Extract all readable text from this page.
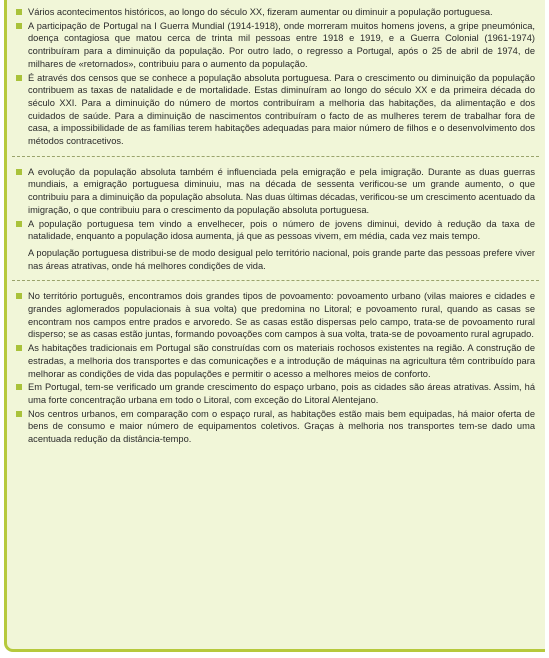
Vários acontecimentos históricos, ao longo do século XX, fizeram aumentar ou diminuir a população portuguesa.
A participação de Portugal na I Guerra Mundial (1914-1918), onde morreram muitos homens jovens, a gripe pneumónica, doença contagiosa que matou cerca de trinta mil pessoas entre 1918 e 1919, e a Guerra Colonial (1961-1974) contribuíram para a diminuição da população. Por outro lado, o regresso a Portugal, após o 25 de abril de 1974, de milhares de «retornados», contribuiu para o aumento da população.
É através dos censos que se conhece a população absoluta portuguesa. Para o crescimento ou diminuição da população contribuem as taxas de natalidade e de mortalidade. Estas diminuíram ao longo do século XX e da primeira década do século XXI. Para a diminuição do número de mortos contribuíram a melhoria das habitações, da alimentação e dos cuidados de saúde. Para a diminuição de nascimentos contribuíram o facto de as mulheres terem de trabalhar fora de casa, a impossibilidade de as famílias terem habitações adequadas para maior número de filhos e o desenvolvimento dos métodos contracetivos.
A evolução da população absoluta também é influenciada pela emigração e pela imigração. Durante as duas guerras mundiais, a emigração portuguesa diminuiu, mas na década de sessenta verificou-se um grande aumento, o que contribuiu para a diminuição da população absoluta. Nas duas últimas décadas, verificou-se um crescimento acentuado da imigração, o que contribuiu para o crescimento da população absoluta portuguesa.
A população portuguesa tem vindo a envelhecer, pois o número de jovens diminui, devido à redução da taxa de natalidade, enquanto a população idosa aumenta, já que as pessoas vivem, em média, cada vez mais tempo.
A população portuguesa distribui-se de modo desigual pelo território nacional, pois grande parte das pessoas prefere viver nas áreas atrativas, onde há melhores condições de vida.
No território português, encontramos dois grandes tipos de povoamento: povoamento urbano (vilas maiores e cidades e grandes aglomerados populacionais à sua volta) que predomina no Litoral; e povoamento rural, quando as casas se encontram nos campos entre prados e arvoredo. Se as casas estão dispersas pelo campo, trata-se de povoamento rural disperso; se as casas estão juntas, formando povoações com campos à sua volta, trata-se de povoamento rural agrupado.
As habitações tradicionais em Portugal são construídas com os materiais rochosos existentes na região. A construção de estradas, a melhoria dos transportes e das comunicações e a introdução de máquinas na agricultura têm contribuído para melhorar as condições de vida das populações e permitir o acesso a melhores meios de conforto.
Em Portugal, tem-se verificado um grande crescimento do espaço urbano, pois as cidades são áreas atrativas. Assim, há uma forte concentração urbana em todo o Litoral, com exceção do Litoral Alentejano.
Nos centros urbanos, em comparação com o espaço rural, as habitações estão mais bem equipadas, há maior oferta de bens de consumo e maior número de equipamentos coletivos. Graças à melhoria nos transportes tem-se dado uma acentuada redução da distância-tempo.
